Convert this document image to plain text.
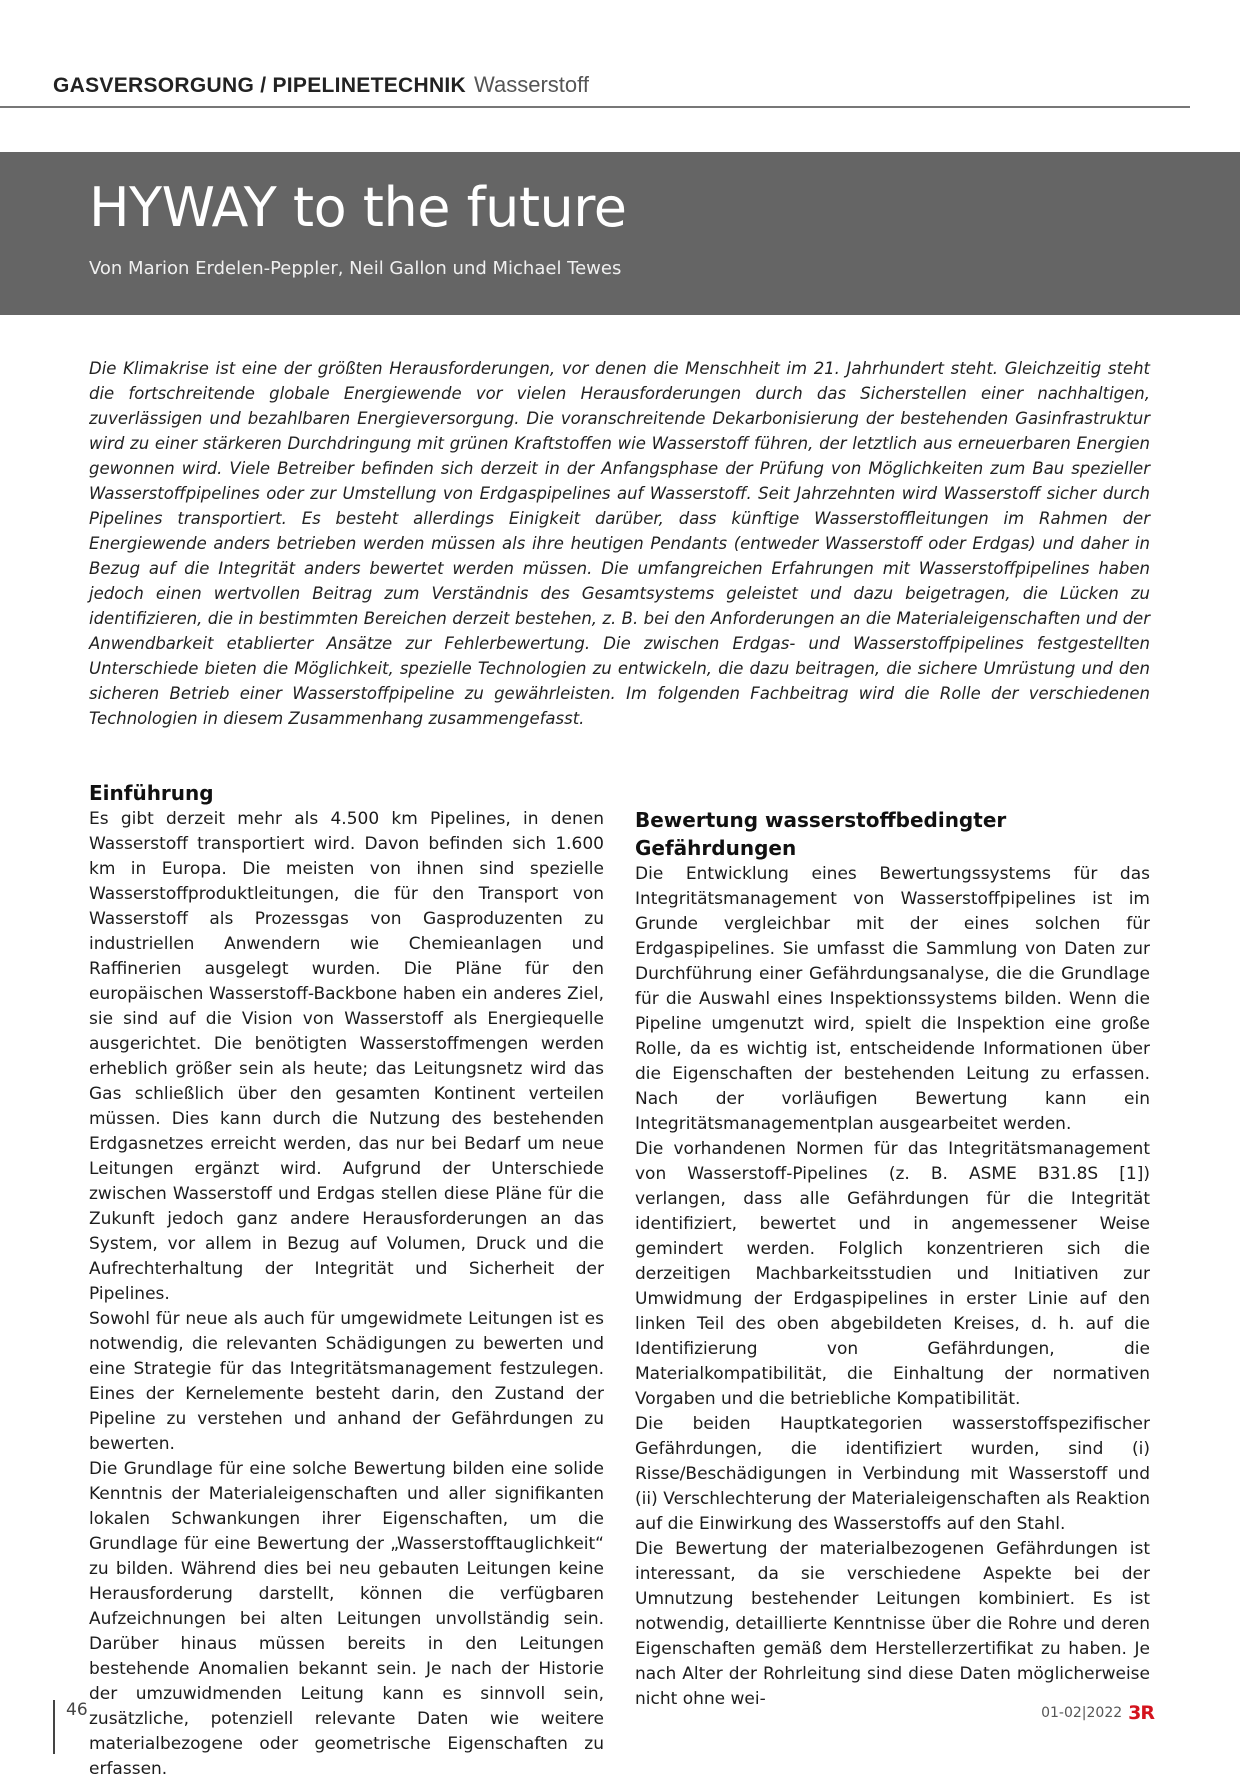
GASVERSORGUNG / PIPELINETECHNIK Wasserstoff
HYWAY to the future
Von Marion Erdelen-Peppler, Neil Gallon und Michael Tewes

Die Klimakrise ist eine der größten Herausforderungen, vor denen die Menschheit im 21. Jahrhundert steht. Gleichzeitig steht die fortschreitende globale Energiewende vor vielen Herausforderungen durch das Sicherstellen einer nachhaltigen, zuverlässigen und bezahlbaren Energieversorgung. Die voranschreitende Dekarbonisierung der bestehenden Gasinfrastruktur wird zu einer stärkeren Durchdringung mit grünen Kraftstoffen wie Wasserstoff führen, der letztlich aus erneuerbaren Energien gewonnen wird. Viele Betreiber befinden sich derzeit in der Anfangsphase der Prüfung von Möglichkeiten zum Bau spezieller Wasserstoffpipelines oder zur Umstellung von Erdgaspipelines auf Wasserstoff. Seit Jahrzehnten wird Wasserstoff sicher durch Pipelines transportiert. Es besteht allerdings Einigkeit darüber, dass künftige Wasserstoffleitungen im Rahmen der Energiewende anders betrieben werden müssen als ihre heutigen Pendants (entweder Wasserstoff oder Erdgas) und daher in Bezug auf die Integrität anders bewertet werden müssen. Die umfangreichen Erfahrungen mit Wasserstoffpipelines haben jedoch einen wertvollen Beitrag zum Verständnis des Gesamtsystems geleistet und dazu beigetragen, die Lücken zu identifizieren, die in bestimmten Bereichen derzeit bestehen, z. B. bei den Anforderungen an die Materialeigenschaften und der Anwendbarkeit etablierter Ansätze zur Fehlerbewertung. Die zwischen Erdgas- und Wasserstoffpipelines festgestellten Unterschiede bieten die Möglichkeit, spezielle Technologien zu entwickeln, die dazu beitragen, die sichere Umrüstung und den sicheren Betrieb einer Wasserstoffpipeline zu gewährleisten. Im folgenden Fachbeitrag wird die Rolle der verschiedenen Technologien in diesem Zusammenhang zusammengefasst.

Einführung

Es gibt derzeit mehr als 4.500 km Pipelines, in denen Wasserstoff transportiert wird. Davon befinden sich 1.600 km in Europa. Die meisten von ihnen sind spezielle Wasserstoffproduktleitungen, die für den Transport von Wasserstoff als Prozessgas von Gasproduzenten zu industriellen Anwendern wie Chemieanlagen und Raffinerien ausgelegt wurden. Die Pläne für den europäischen Wasserstoff-Backbone haben ein anderes Ziel, sie sind auf die Vision von Wasserstoff als Energiequelle ausgerichtet. Die benötigten Wasserstoffmengen werden erheblich größer sein als heute; das Leitungsnetz wird das Gas schließlich über den gesamten Kontinent verteilen müssen. Dies kann durch die Nutzung des bestehenden Erdgasnetzes erreicht werden, das nur bei Bedarf um neue Leitungen ergänzt wird. Aufgrund der Unterschiede zwischen Wasserstoff und Erdgas stellen diese Pläne für die Zukunft jedoch ganz andere Herausforderungen an das System, vor allem in Bezug auf Volumen, Druck und die Aufrechterhaltung der Integrität und Sicherheit der Pipelines.

Sowohl für neue als auch für umgewidmete Leitungen ist es notwendig, die relevanten Schädigungen zu bewerten und eine Strategie für das Integritätsmanagement festzulegen. Eines der Kernelemente besteht darin, den Zustand der Pipeline zu verstehen und anhand der Gefährdungen zu bewerten.

Die Grundlage für eine solche Bewertung bilden eine solide Kenntnis der Materialeigenschaften und aller signifikanten lokalen Schwankungen ihrer Eigenschaften, um die Grundlage für eine Bewertung der „Wasserstofftauglichkeit“ zu bilden. Während dies bei neu gebauten Leitungen keine Herausforderung darstellt, können die verfügbaren Aufzeichnungen bei alten Leitungen unvollständig sein. Darüber hinaus müssen bereits in den Leitungen bestehende Anomalien bekannt sein. Je nach der Historie der umzuwidmenden Leitung kann es sinnvoll sein, zusätzliche, potenziell relevante Daten wie weitere materialbezogene oder geometrische Eigenschaften zu erfassen.

Bewertung wasserstoffbedingter Gefährdungen

Die Entwicklung eines Bewertungssystems für das Integritätsmanagement von Wasserstoffpipelines ist im Grunde vergleichbar mit der eines solchen für Erdgaspipelines. Sie umfasst die Sammlung von Daten zur Durchführung einer Gefährdungsanalyse, die die Grundlage für die Auswahl eines Inspektionssystems bilden. Wenn die Pipeline umgenutzt wird, spielt die Inspektion eine große Rolle, da es wichtig ist, entscheidende Informationen über die Eigenschaften der bestehenden Leitung zu erfassen. Nach der vorläufigen Bewertung kann ein Integritätsmanagementplan ausgearbeitet werden.

Die vorhandenen Normen für das Integritätsmanagement von Wasserstoff-Pipelines (z. B. ASME B31.8S [1]) verlangen, dass alle Gefährdungen für die Integrität identifiziert, bewertet und in angemessener Weise gemindert werden. Folglich konzentrieren sich die derzeitigen Machbarkeitsstudien und Initiativen zur Umwidmung der Erdgaspipelines in erster Linie auf den linken Teil des oben abgebildeten Kreises, d. h. auf die Identifizierung von Gefährdungen, die Materialkompatibilität, die Einhaltung der normativen Vorgaben und die betriebliche Kompatibilität.

Die beiden Hauptkategorien wasserstoffspezifischer Gefährdungen, die identifiziert wurden, sind (i) Risse/Beschädigungen in Verbindung mit Wasserstoff und (ii) Verschlechterung der Materialeigenschaften als Reaktion auf die Einwirkung des Wasserstoffs auf den Stahl.

Die Bewertung der materialbezogenen Gefährdungen ist interessant, da sie verschiedene Aspekte bei der Umnutzung bestehender Leitungen kombiniert. Es ist notwendig, detaillierte Kenntnisse über die Rohre und deren Eigenschaften gemäß dem Herstellerzertifikat zu haben. Je nach Alter der Rohrleitung sind diese Daten möglicherweise nicht ohne wei-

46	01-02|2022 3R
